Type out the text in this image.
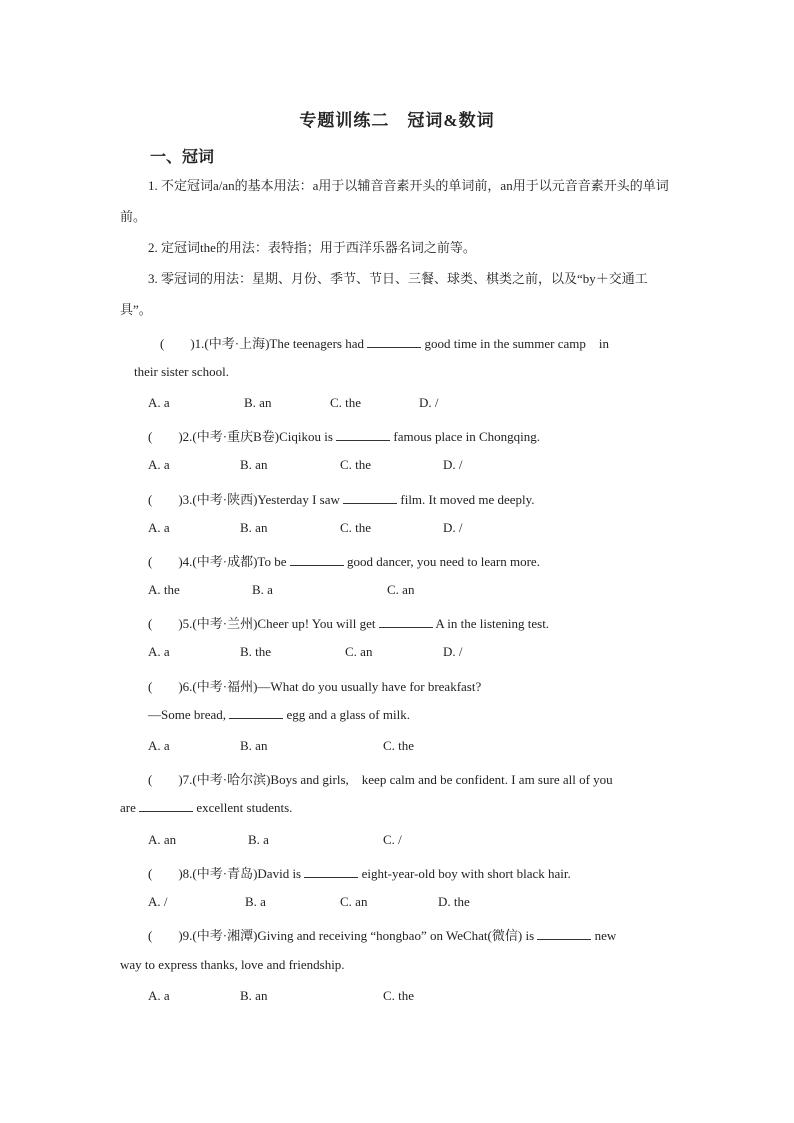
专题训练二　冠词&数词
一、冠词
1. 不定冠词a/an的基本用法：a用于以辅音音素开头的单词前，an用于以元音音素开头的单词前。
2. 定冠词the的用法：表特指；用于西洋乐器名词之前等。
3. 零冠词的用法：星期、月份、季节、节日、三餐、球类、棋类之前，以及“by＋交通工具”。
(　　)1.(中考·上海)The teenagers had	good time in the summer camp　in
their sister school.
A. a	B. an	C. the	D. /
(　　)2.(中考·重庆B卷)Ciqikou is	famous place in Chongqing.
A. a	B. an	C. the	D. /
(　　)3.(中考·陕西)Yesterday I saw	film. It moved me deeply.
A. a	B. an	C. the	D. /
(　　)4.(中考·成都)To be	good dancer, you need to learn more.
A. the	B. a	C. an
(　　)5.(中考·兰州)Cheer up! You will get	A in the listening test.
A. a	B. the	C. an	D. /
(　　)6.(中考·福州)—What do you usually have for breakfast?
—Some bread,	egg and a glass of milk.
A. a	B. an	C. the
(　　)7.(中考·哈尔滨)Boys and girls,　keep calm and be confident. I am sure all of you
are	excellent students.
A. an	B. a	C. /
(　　)8.(中考·青岛)David is	eight-year-old boy with short black hair.
A. /	B. a	C. an	D. the
(　　)9.(中考·湘潭)Giving and receiving “hongbao” on WeChat(微信) is	new
way to express thanks, love and friendship.
A. a	B. an	C. the
